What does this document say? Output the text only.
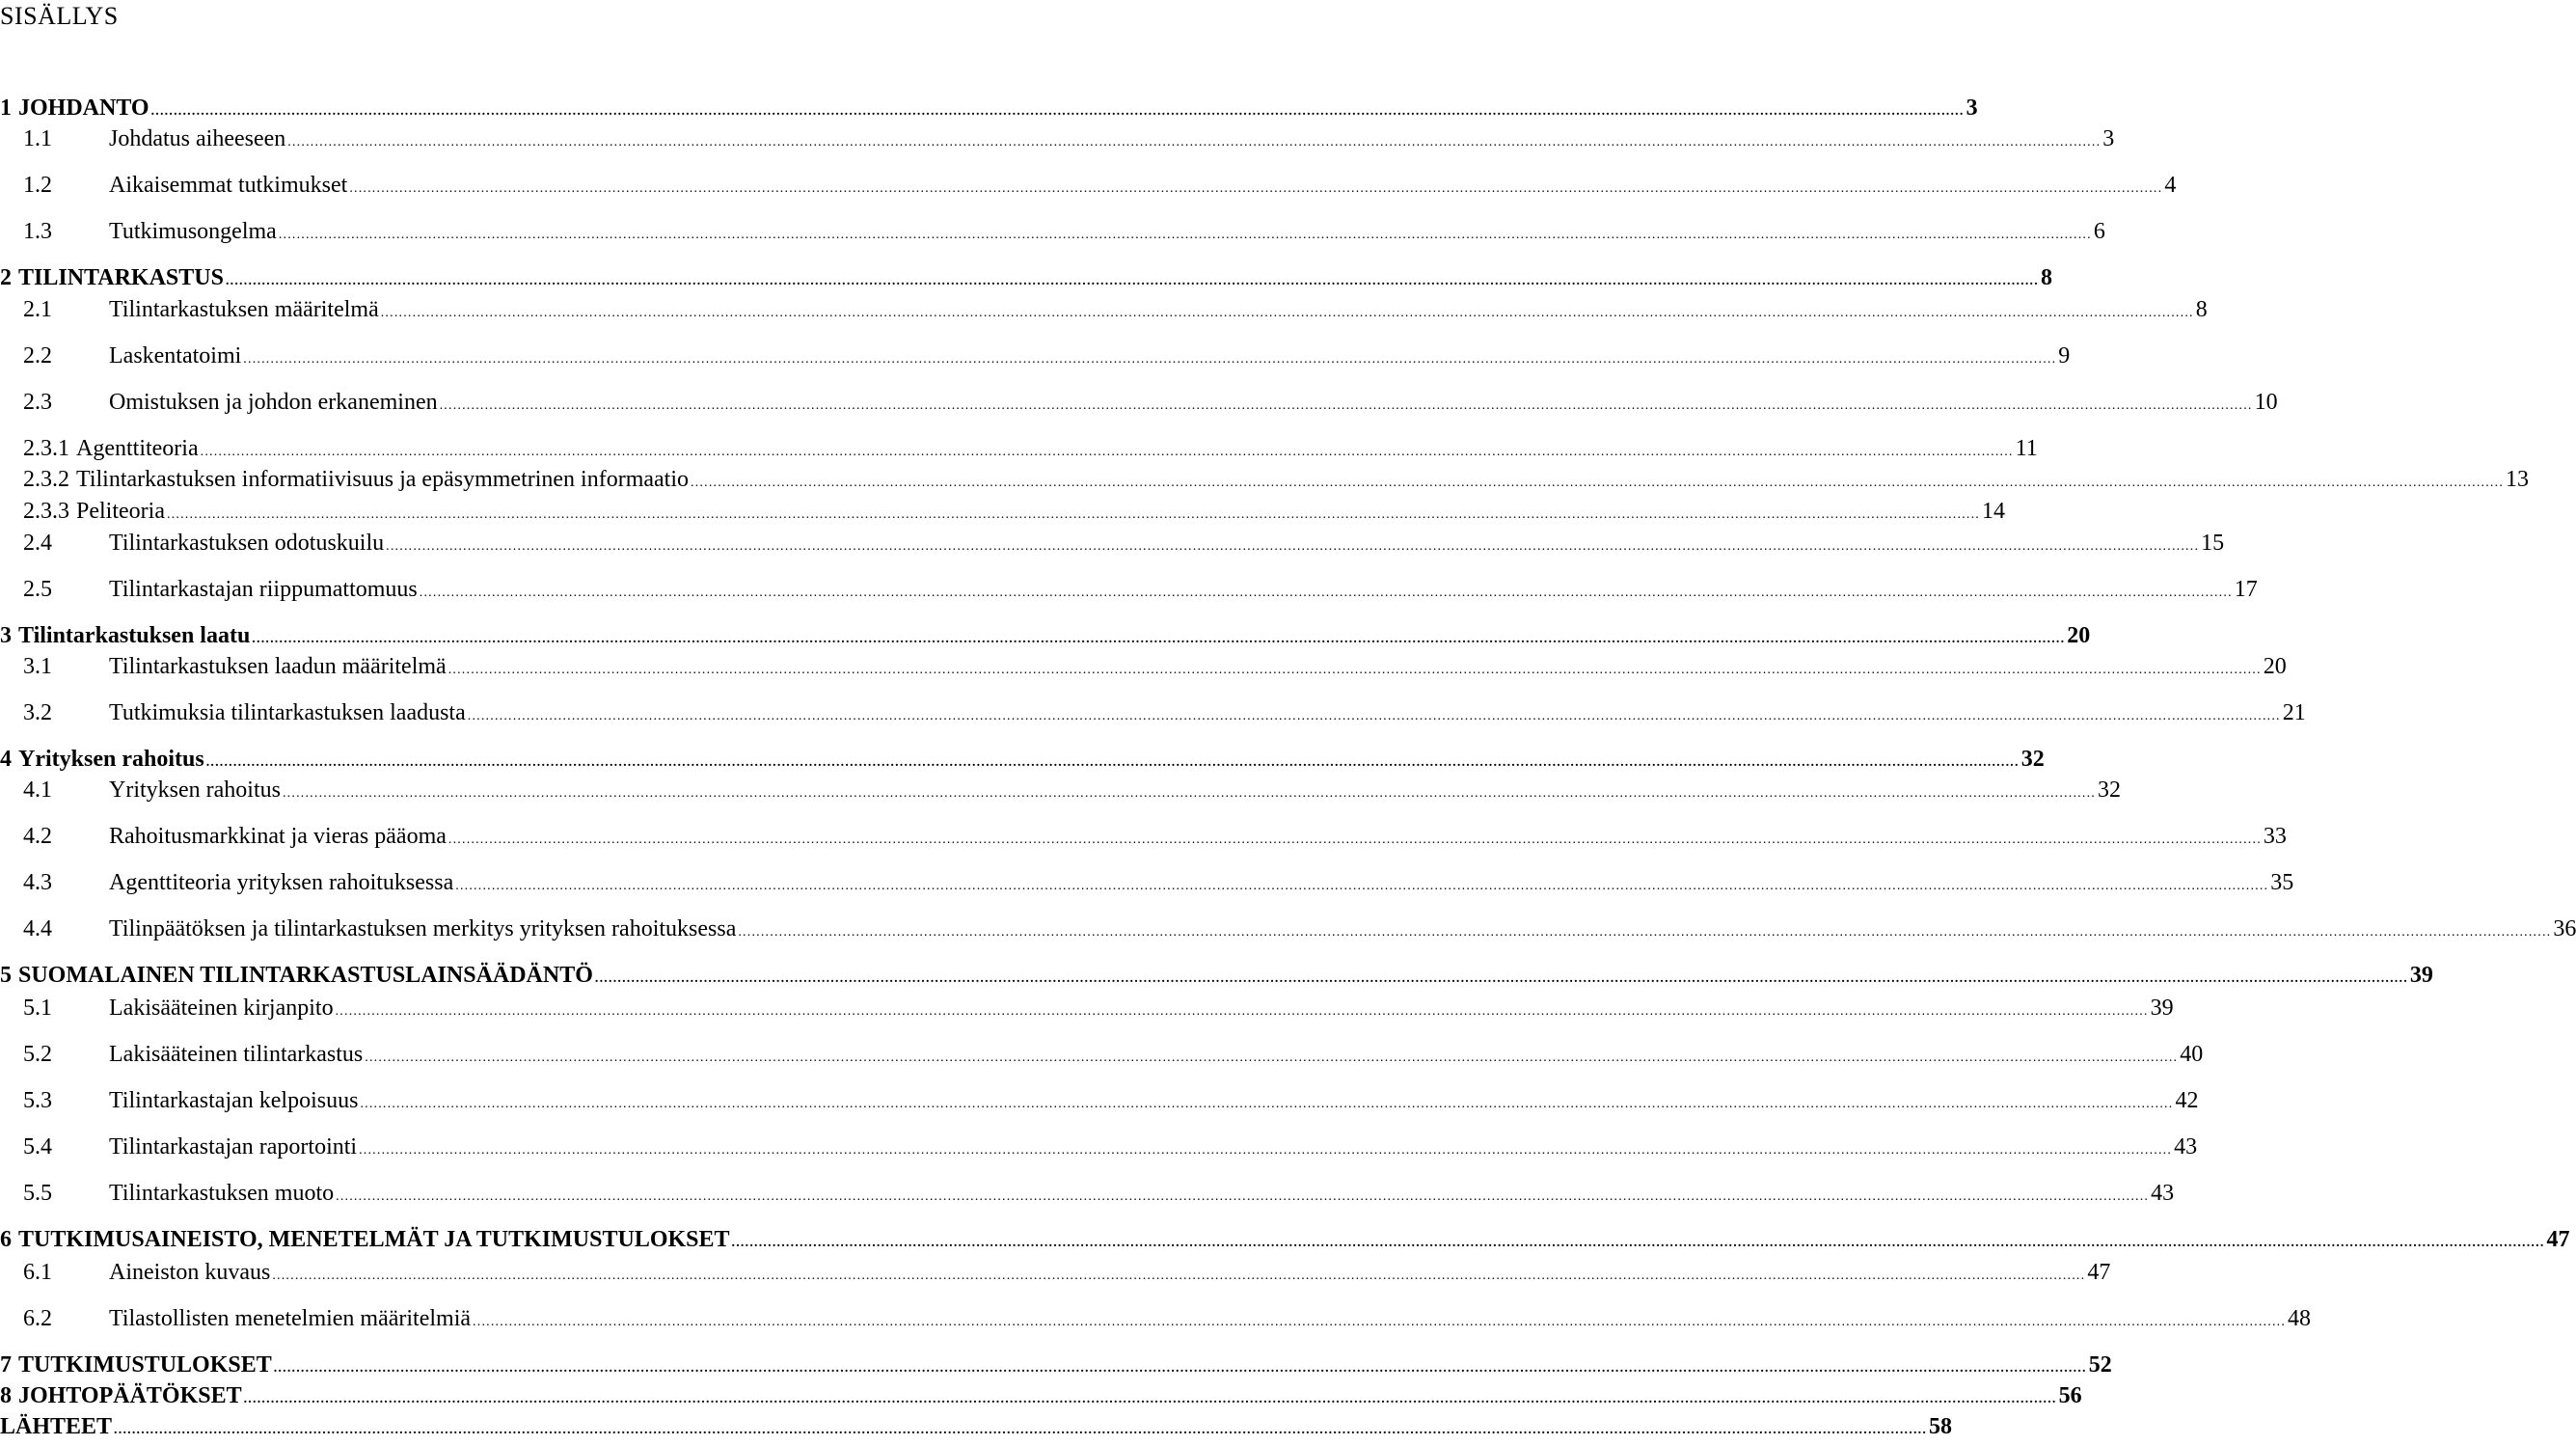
SISÄLLYS
1 JOHDANTO ................................................................................................................................................................................................................................................................................................................................................................................................................ 3
1.1	Johdatus aiheeseen ................................................................................................................................................................................................................................................................................................................................................................................................................ 3
1.2	Aikaisemmat tutkimukset ................................................................................................................................................................................................................................................................................................................................................................................................................ 4
1.3	Tutkimusongelma ................................................................................................................................................................................................................................................................................................................................................................................................................ 6
2 TILINTARKASTUS ................................................................................................................................................................................................................................................................................................................................................................................................................ 8
2.1	Tilintarkastuksen määritelmä ................................................................................................................................................................................................................................................................................................................................................................................................................ 8
2.2	Laskentatoimi ................................................................................................................................................................................................................................................................................................................................................................................................................ 9
2.3	Omistuksen ja johdon erkaneminen ................................................................................................................................................................................................................................................................................................................................................................................................................ 10
2.3.1 Agenttiteoria ................................................................................................................................................................................................................................................................................................................................................................................................................ 11
2.3.2 Tilintarkastuksen informatiivisuus ja epäsymmetrinen informaatio ................................................................................................................................................................................................................................................................................................................................................................................................................ 13
2.3.3 Peliteoria ................................................................................................................................................................................................................................................................................................................................................................................................................ 14
2.4	Tilintarkastuksen odotuskuilu ................................................................................................................................................................................................................................................................................................................................................................................................................ 15
2.5	Tilintarkastajan riippumattomuus ................................................................................................................................................................................................................................................................................................................................................................................................................ 17
3 Tilintarkastuksen laatu ................................................................................................................................................................................................................................................................................................................................................................................................................ 20
3.1	Tilintarkastuksen laadun määritelmä ................................................................................................................................................................................................................................................................................................................................................................................................................ 20
3.2	Tutkimuksia tilintarkastuksen laadusta ................................................................................................................................................................................................................................................................................................................................................................................................................ 21
4 Yrityksen rahoitus ................................................................................................................................................................................................................................................................................................................................................................................................................ 32
4.1	Yrityksen rahoitus ................................................................................................................................................................................................................................................................................................................................................................................................................ 32
4.2	Rahoitusmarkkinat ja vieras pääoma ................................................................................................................................................................................................................................................................................................................................................................................................................ 33
4.3	Agenttiteoria yrityksen rahoituksessa ................................................................................................................................................................................................................................................................................................................................................................................................................ 35
4.4	Tilinpäätöksen ja tilintarkastuksen merkitys yrityksen rahoituksessa ................................................................................................................................................................................................................................................................................................................................................................................................................ 36
5 SUOMALAINEN TILINTARKASTUSLAINSÄÄDÄNTÖ ................................................................................................................................................................................................................................................................................................................................................................................................................ 39
5.1	Lakisääteinen kirjanpito ................................................................................................................................................................................................................................................................................................................................................................................................................ 39
5.2	Lakisääteinen tilintarkastus ................................................................................................................................................................................................................................................................................................................................................................................................................ 40
5.3	Tilintarkastajan kelpoisuus ................................................................................................................................................................................................................................................................................................................................................................................................................ 42
5.4	Tilintarkastajan raportointi ................................................................................................................................................................................................................................................................................................................................................................................................................ 43
5.5	Tilintarkastuksen muoto ................................................................................................................................................................................................................................................................................................................................................................................................................ 43
6 TUTKIMUSAINEISTO, MENETELMÄT JA TUTKIMUSTULOKSET ................................................................................................................................................................................................................................................................................................................................................................................................................ 47
6.1	Aineiston kuvaus ................................................................................................................................................................................................................................................................................................................................................................................................................ 47
6.2	Tilastollisten menetelmien määritelmiä ................................................................................................................................................................................................................................................................................................................................................................................................................ 48
7 TUTKIMUSTULOKSET ................................................................................................................................................................................................................................................................................................................................................................................................................ 52
8 JOHTOPÄÄTÖKSET ................................................................................................................................................................................................................................................................................................................................................................................................................ 56
LÄHTEET ................................................................................................................................................................................................................................................................................................................................................................................................................ 58
